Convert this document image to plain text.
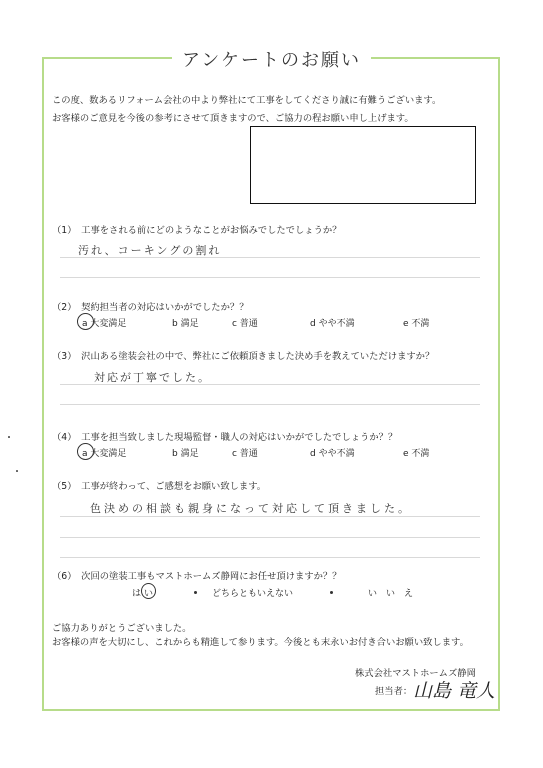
アンケートのお願い
この度、数あるリフォーム会社の中より弊社にて工事をしてくださり誠に有難うございます。
お客様のご意見を今後の参考にさせて頂きますので、ご協力の程お願い申し上げます。
（1）　工事をされる前にどのようなことがお悩みでしたでしょうか？
汚れ、コーキングの割れ
（2）　契約担当者の対応はいかがでしたか？？
a 大変満足	b 満足	c 普通	d やや不満	e 不満
（3）　沢山ある塗装会社の中で、弊社にご依頼頂きました決め手を教えていただけますか？
対応が丁寧でした。
（4）　工事を担当致しました現場監督・職人の対応はいかがでしたでしょうか？？
a 大変満足	b 満足	c 普通	d やや不満	e 不満
（5）　工事が終わって、ご感想をお願い致します。
色決めの相談も親身になって対応して頂きました。
（6）　次回の塗装工事もマストホームズ静岡にお任せ頂けますか？？
はい	どちらともいえない	いいえ
ご協力ありがとうございました。
お客様の声を大切にし、これからも精進して参ります。今後とも末永いお付き合いお願い致します。
株式会社マストホームズ静岡
担当者： 山島 竜人
